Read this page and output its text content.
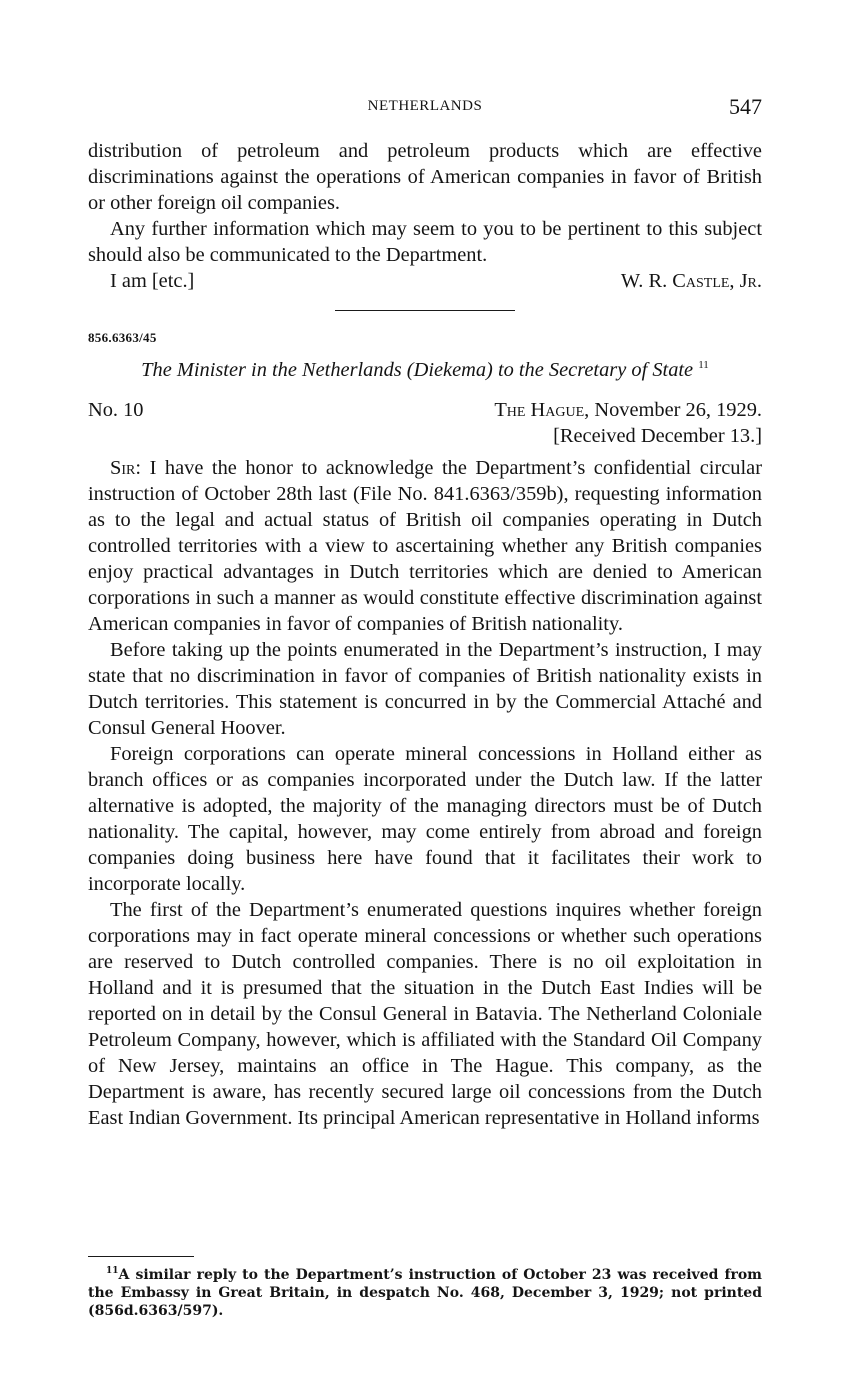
NETHERLANDS	547

distribution of petroleum and petroleum products which are effective discriminations against the operations of American companies in favor of British or other foreign oil companies.

Any further information which may seem to you to be pertinent to this subject should also be communicated to the Department.

I am [etc.]	W. R. Castle, Jr.
856.6363/45
The Minister in the Netherlands (Diekema) to the Secretary of State $^{11}$
No. 10	The Hague, November 26, 1929.
[Received December 13.]

Sir: I have the honor to acknowledge the Department’s confidential circular instruction of October 28th last (File No. 841.6363/359b), requesting information as to the legal and actual status of British oil companies operating in Dutch controlled territories with a view to ascertaining whether any British companies enjoy practical advantages in Dutch territories which are denied to American corporations in such a manner as would constitute effective discrimination against American companies in favor of companies of British nationality.

Before taking up the points enumerated in the Department’s instruction, I may state that no discrimination in favor of companies of British nationality exists in Dutch territories. This statement is concurred in by the Commercial Attaché and Consul General Hoover.

Foreign corporations can operate mineral concessions in Holland either as branch offices or as companies incorporated under the Dutch law. If the latter alternative is adopted, the majority of the managing directors must be of Dutch nationality. The capital, however, may come entirely from abroad and foreign companies doing business here have found that it facilitates their work to incorporate locally.

The first of the Department’s enumerated questions inquires whether foreign corporations may in fact operate mineral concessions or whether such operations are reserved to Dutch controlled companies. There is no oil exploitation in Holland and it is presumed that the situation in the Dutch East Indies will be reported on in detail by the Consul General in Batavia. The Netherland Coloniale Petroleum Company, however, which is affiliated with the Standard Oil Company of New Jersey, maintains an office in The Hague. This company, as the Department is aware, has recently secured large oil concessions from the Dutch East Indian Government. Its principal American representative in Holland informs

$^{11}$A similar reply to the Department’s instruction of October 23 was received from the Embassy in Great Britain, in despatch No. 468, December 3, 1929; not printed (856d.6363/597).
